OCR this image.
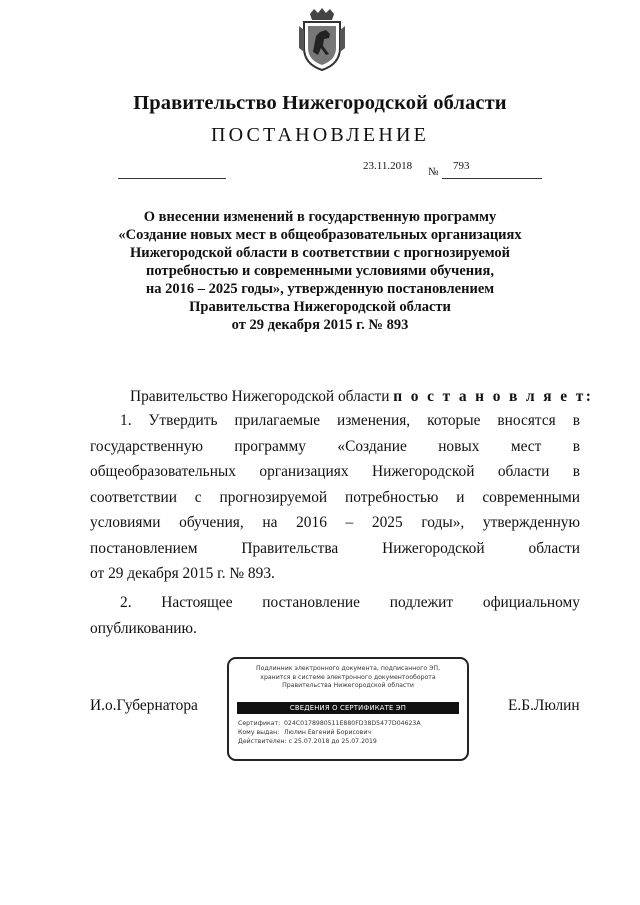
Правительство Нижегородской области
ПОСТАНОВЛЕНИЕ
23.11.2018 № 793
О внесении изменений в государственную программу
«Создание новых мест в общеобразовательных организациях
Нижегородской области в соответствии с прогнозируемой
потребностью и современными условиями обучения,
на 2016 – 2025 годы», утвержденную постановлением
Правительства Нижегородской области
от 29 декабря 2015 г. № 893
Правительство Нижегородской области п о с т а н о в л я е т:
1. Утвердить прилагаемые изменения, которые вносятся в государственную программу «Создание новых мест в общеобразовательных организациях Нижегородской области в соответствии с прогнозируемой потребностью и современными условиями обучения, на 2016 – 2025 годы», утвержденную постановлением Правительства Нижегородской области
от 29 декабря 2015 г. № 893.
2. Настоящее постановление подлежит официальному
опубликованию.
И.о.Губернатора	Е.Б.Люлин
Подлинник электронного документа, подписанного ЭП,
хранится в системе электронного документооборота
Правительства Нижегородской области
СВЕДЕНИЯ О СЕРТИФИКАТЕ ЭП
Сертификат: 024C0178980511E880FD38D5477D04623A
Кому выдан: Люлин Евгений Борисович
Действителен: с 25.07.2018 до 25.07.2019
